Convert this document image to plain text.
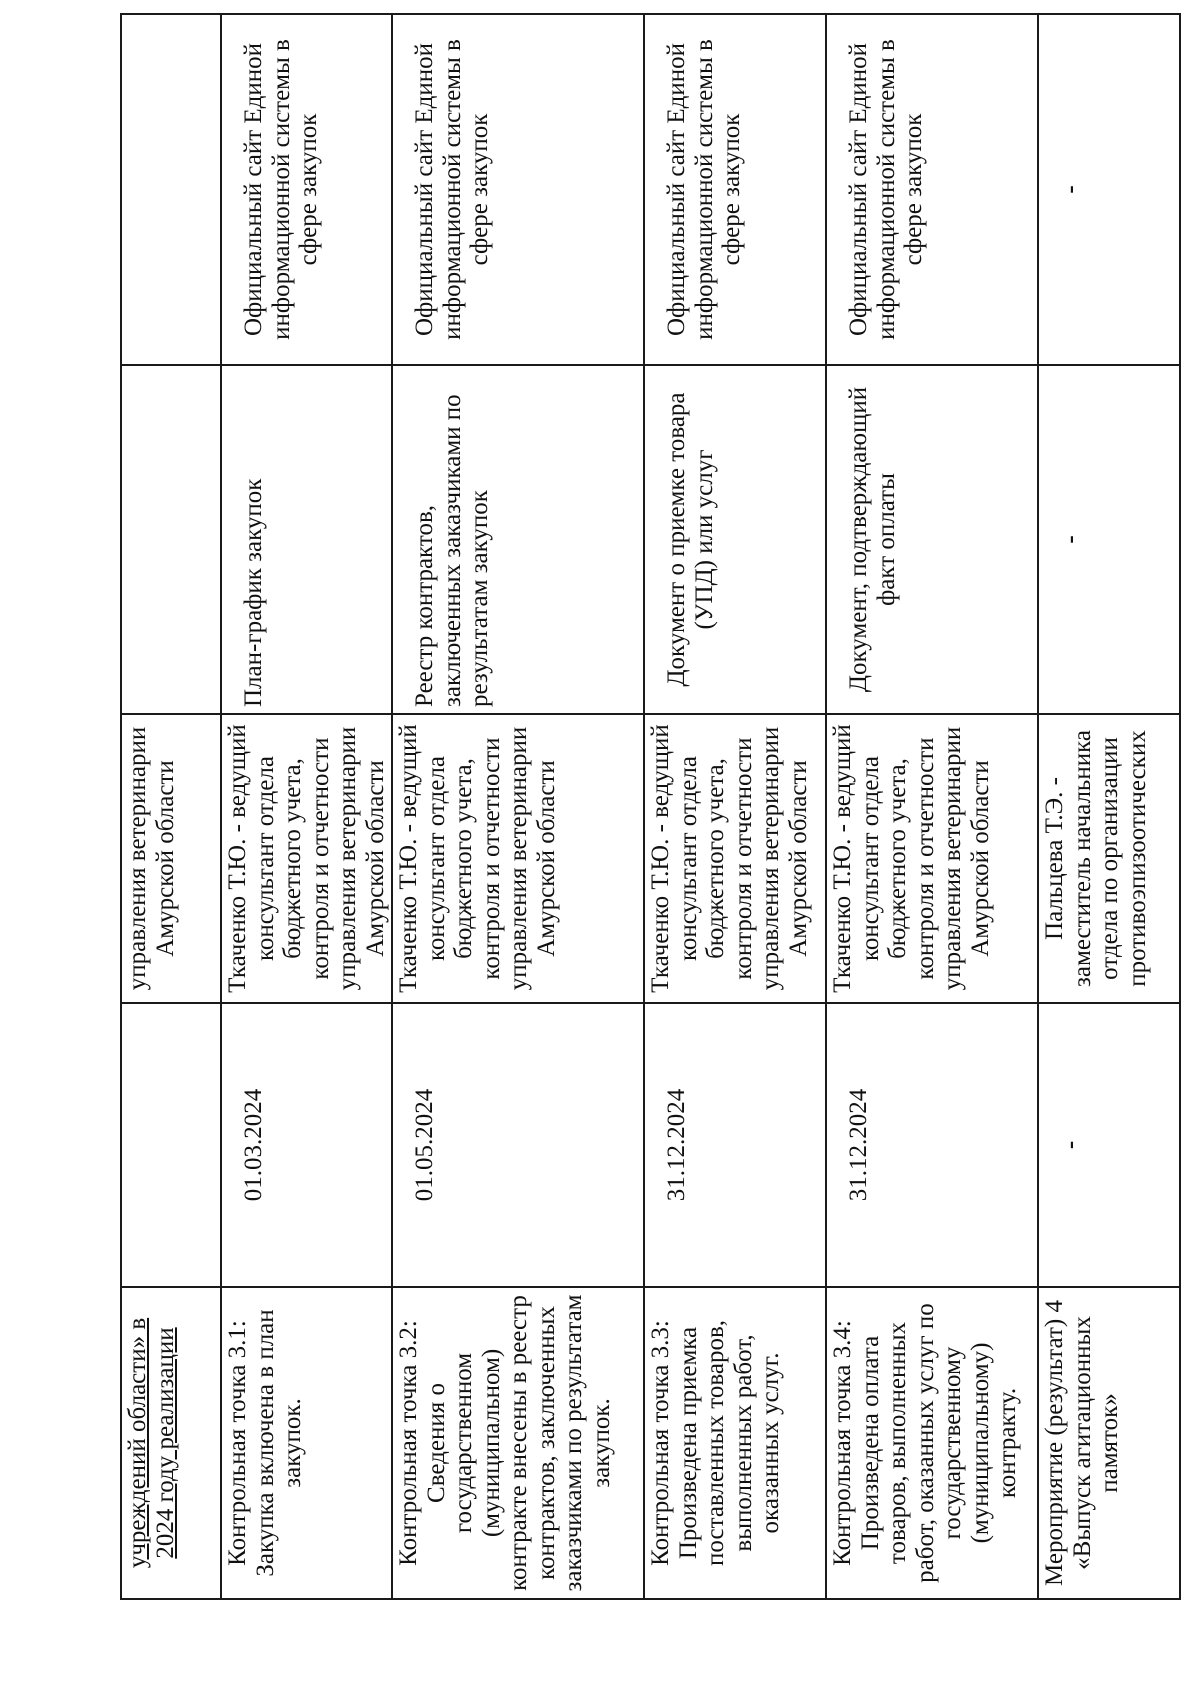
учреждений области» в 2024 году реализации		управления ветеринарии Амурской области		
Контрольная точка 3.1: Закупка включена в план закупок.	01.03.2024	Ткаченко Т.Ю. - ведущий консультант отдела бюджетного учета, контроля и отчетности управления ветеринарии Амурской области	План-график закупок	Официальный сайт Единой информационной системы в сфере закупок
Контрольная точка 3.2: Сведения о государственном (муниципальном) контракте внесены в реестр контрактов, заключенных заказчиками по результатам закупок.	01.05.2024	Ткаченко Т.Ю. - ведущий консультант отдела бюджетного учета, контроля и отчетности управления ветеринарии Амурской области	Реестр контрактов, заключенных заказчиками по результатам закупок	Официальный сайт Единой информационной системы в сфере закупок
Контрольная точка 3.3: Произведена приемка поставленных товаров, выполненных работ, оказанных услуг.	31.12.2024	Ткаченко Т.Ю. - ведущий консультант отдела бюджетного учета, контроля и отчетности управления ветеринарии Амурской области	Документ о приемке товара (УПД) или услуг	Официальный сайт Единой информационной системы в сфере закупок
Контрольная точка 3.4: Произведена оплата товаров, выполненных работ, оказанных услуг по государственному (муниципальному) контракту.	31.12.2024	Ткаченко Т.Ю. - ведущий консультант отдела бюджетного учета, контроля и отчетности управления ветеринарии Амурской области	Документ, подтверждающий факт оплаты	Официальный сайт Единой информационной системы в сфере закупок
Мероприятие (результат) 4 «Выпуск агитационных памяток»	-	Пальцева Т.Э. - заместитель начальника отдела по организации противоэпизоотических	-	-
